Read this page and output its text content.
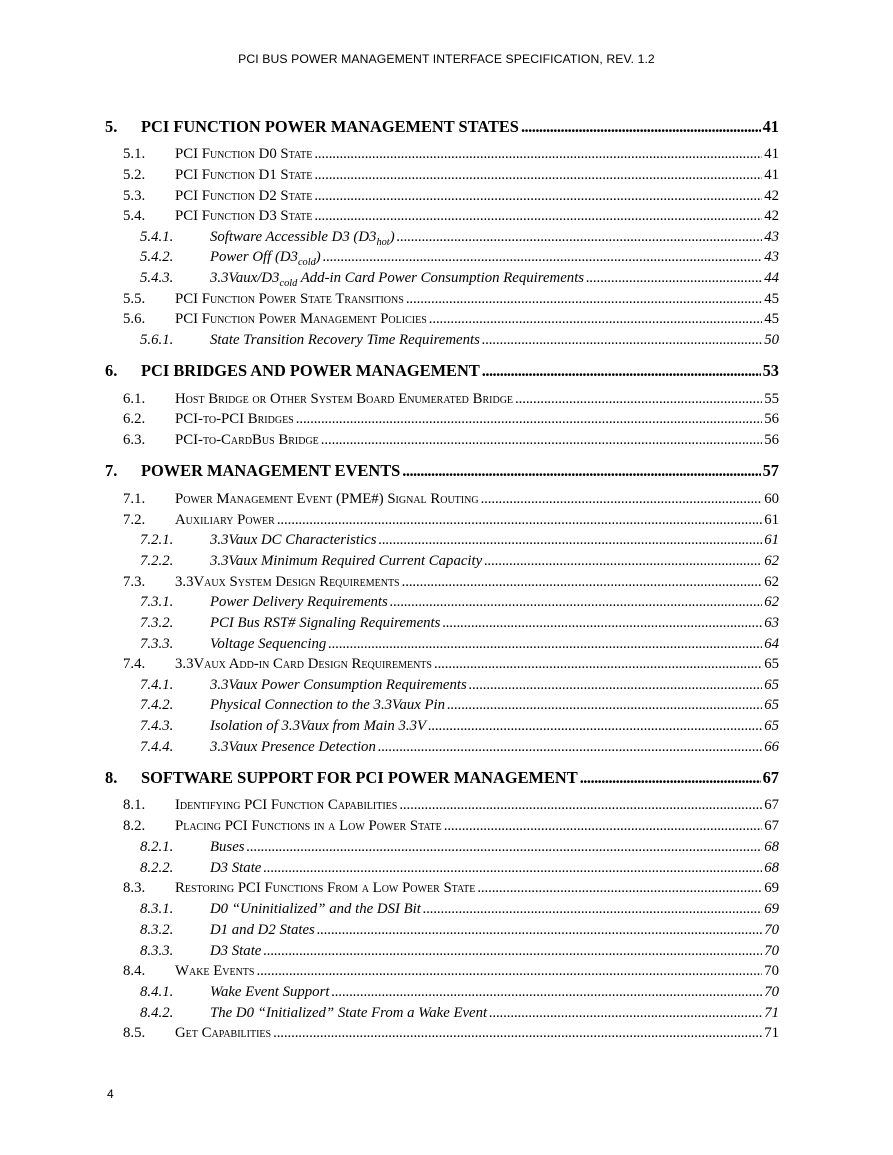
PCI BUS POWER MANAGEMENT INTERFACE SPECIFICATION, REV. 1.2
5.	PCI FUNCTION POWER MANAGEMENT STATES . . .	41
5.1.	PCI Function D0 State . . .	41
5.2.	PCI Function D1 State . . .	41
5.3.	PCI Function D2 State . . .	42
5.4.	PCI Function D3 State . . .	42
5.4.1.	Software Accessible D3 $(D3_{hot})$ . . .	43
5.4.2.	Power Off $(D3_{cold})$ . . .	43
5.4.3.	$3.3Vaux/D3_{cold}$ Add-in Card Power Consumption Requirements . . .	44
5.5.	PCI Function Power State Transitions . . .	45
5.6.	PCI Function Power Management Policies . . .	45
5.6.1.	State Transition Recovery Time Requirements . . .	50
6.	PCI BRIDGES AND POWER MANAGEMENT . . .	53
6.1.	Host Bridge or Other System Board Enumerated Bridge . . .	55
6.2.	PCI-to-PCI Bridges . . .	56
6.3.	PCI-to-CardBus Bridge . . .	56
7.	POWER MANAGEMENT EVENTS . . .	57
7.1.	Power Management Event (PME#) Signal Routing . . .	60
7.2.	Auxiliary Power . . .	61
7.2.1.	3.3Vaux DC Characteristics . . .	61
7.2.2.	3.3Vaux Minimum Required Current Capacity . . .	62
7.3.	3.3Vaux System Design Requirements . . .	62
7.3.1.	Power Delivery Requirements . . .	62
7.3.2.	PCI Bus RST# Signaling Requirements . . .	63
7.3.3.	Voltage Sequencing . . .	64
7.4.	3.3Vaux Add-in Card Design Requirements . . .	65
7.4.1.	3.3Vaux Power Consumption Requirements . . .	65
7.4.2.	Physical Connection to the 3.3Vaux Pin . . .	65
7.4.3.	Isolation of 3.3Vaux from Main 3.3V . . .	65
7.4.4.	3.3Vaux Presence Detection . . .	66
8.	SOFTWARE SUPPORT FOR PCI POWER MANAGEMENT . . .	67
8.1.	Identifying PCI Function Capabilities . . .	67
8.2.	Placing PCI Functions in a Low Power State . . .	67
8.2.1.	Buses . . .	68
8.2.2.	D3 State . . .	68
8.3.	Restoring PCI Functions From a Low Power State . . .	69
8.3.1.	D0 “Uninitialized” and the DSI Bit . . .	69
8.3.2.	D1 and D2 States . . .	70
8.3.3.	D3 State . . .	70
8.4.	Wake Events . . .	70
8.4.1.	Wake Event Support . . .	70
8.4.2.	The D0 “Initialized” State From a Wake Event . . .	71
8.5.	Get Capabilities . . .	71
4
